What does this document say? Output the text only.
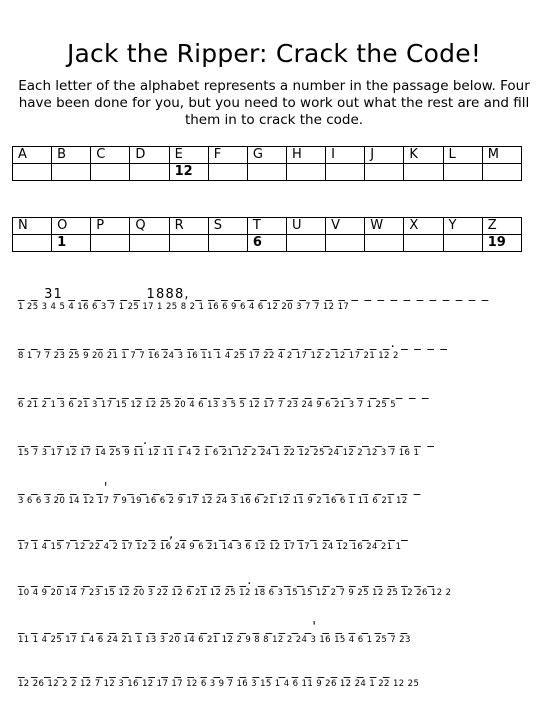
Jack the Ripper: Crack the Code!
Each letter of the alphabet represents a number in the passage below. Four have been done for you, but you need to work out what the rest are and fill them in to crack the code.
A	B	C	D	E	F	G	H	I	J	K	L	M
				12								
N	O	P	Q	R	S	T	U	V	W	X	Y	Z
	1					6						19
_ _ 31 _ _ _ _ _ _ 1888, _ _ _ _ _ _ _ _ _ _ _ _ _ _ _ _ _ _ _ _ _ _ _
1 25 3 4 5 4 16 6 3 7 1 25 17 1 25 8 2 1 16 6 9 6 4 6 12 20 3 7 7 12 17
_ _ _ _ _ _ _ _ _ _ _ _ _ _ _ _ _ _ _ _ _ _ _ _ _ _ _ _ _. _ _ _ _
8 1 7 7 23 25 9 20 21 1 7 7 16 24 3 16 11 1 4 25 17 22 4 2 17 12 2 12 17 21 12 2
_ _ _ _ _ _ _ _ _ _ _ _ _ _ _ _ _ _ _ _ _ _ _ _ _ _ _ _ _ _ _ _
6 21 2 1 3 6 21 3 17 15 12 12 25 20 4 6 13 3 5 5 12 17 7 23 24 9 6 21 3 7 1 25 5
_ _ _ _ _ _ _ _ _ _. _ _ _ _ _ _ _ _ _ _ _ _ _ _ _ _ _ _ _ _ _ _
15 7 3 17 12 17 14 25 9 11 12 11 1 4 2 1 6 21 12 2 24 1 22 12 25 24 12 2 12 3 7 16 1
_ _ _ _ _ _ _' _ _ _ _ _ _ _ _ _ _ _ _ _ _ _ _ _ _ _ _ _ _ _ _
3 6 6 3 20 14 12 17 7 9 19 16 6 2 9 17 12 24 3 16 6 21 12 11 9 2 16 6 1 11 6 21 12
_ _ _ _ _ _ _ _ _ _ _ _, _ _ _ _ _ _ _ _ _ _ _ _ _ _ _ _ _ _
17 1 4 15 7 12 22 4 2 17 12 2 16 24 9 6 21 14 3 6 12 12 17 17 1 24 12 16 24 21 1
_ _ _ _ _ _ _ _ _ _ _ _ _ _ _ _ _ _. _ _ _ _ _ _ _ _ _ _ _ _ _ _
10 4 9 20 14 7 23 15 12 20 3 22 12 6 21 12 25 12 18 6 3 15 15 12 2 7 9 25 12 25 12 26 12 2
_ _ _ _ _ _ _ _ _ _ _ _ _ _ _ _ _ _ _ _ _ _ _' _ _ _ _ _ _ _
11 1 4 25 17 1 4 6 24 21 1 13 3 20 14 6 21 12 2 9 8 8 12 2 24 3 16 15 4 6 1 25 7 23
_ _ _ _ _ _ _ _ _ _ _ _ _ _ _ _ _ _ _ _ _ _ _ _ _ _ _ _ _
12 26 12 2 2 12 7 12 3 16 12 17 17 12 6 3 9 7 16 3 15 1 4 6 11 9 26 12 24 1 22 12 25
